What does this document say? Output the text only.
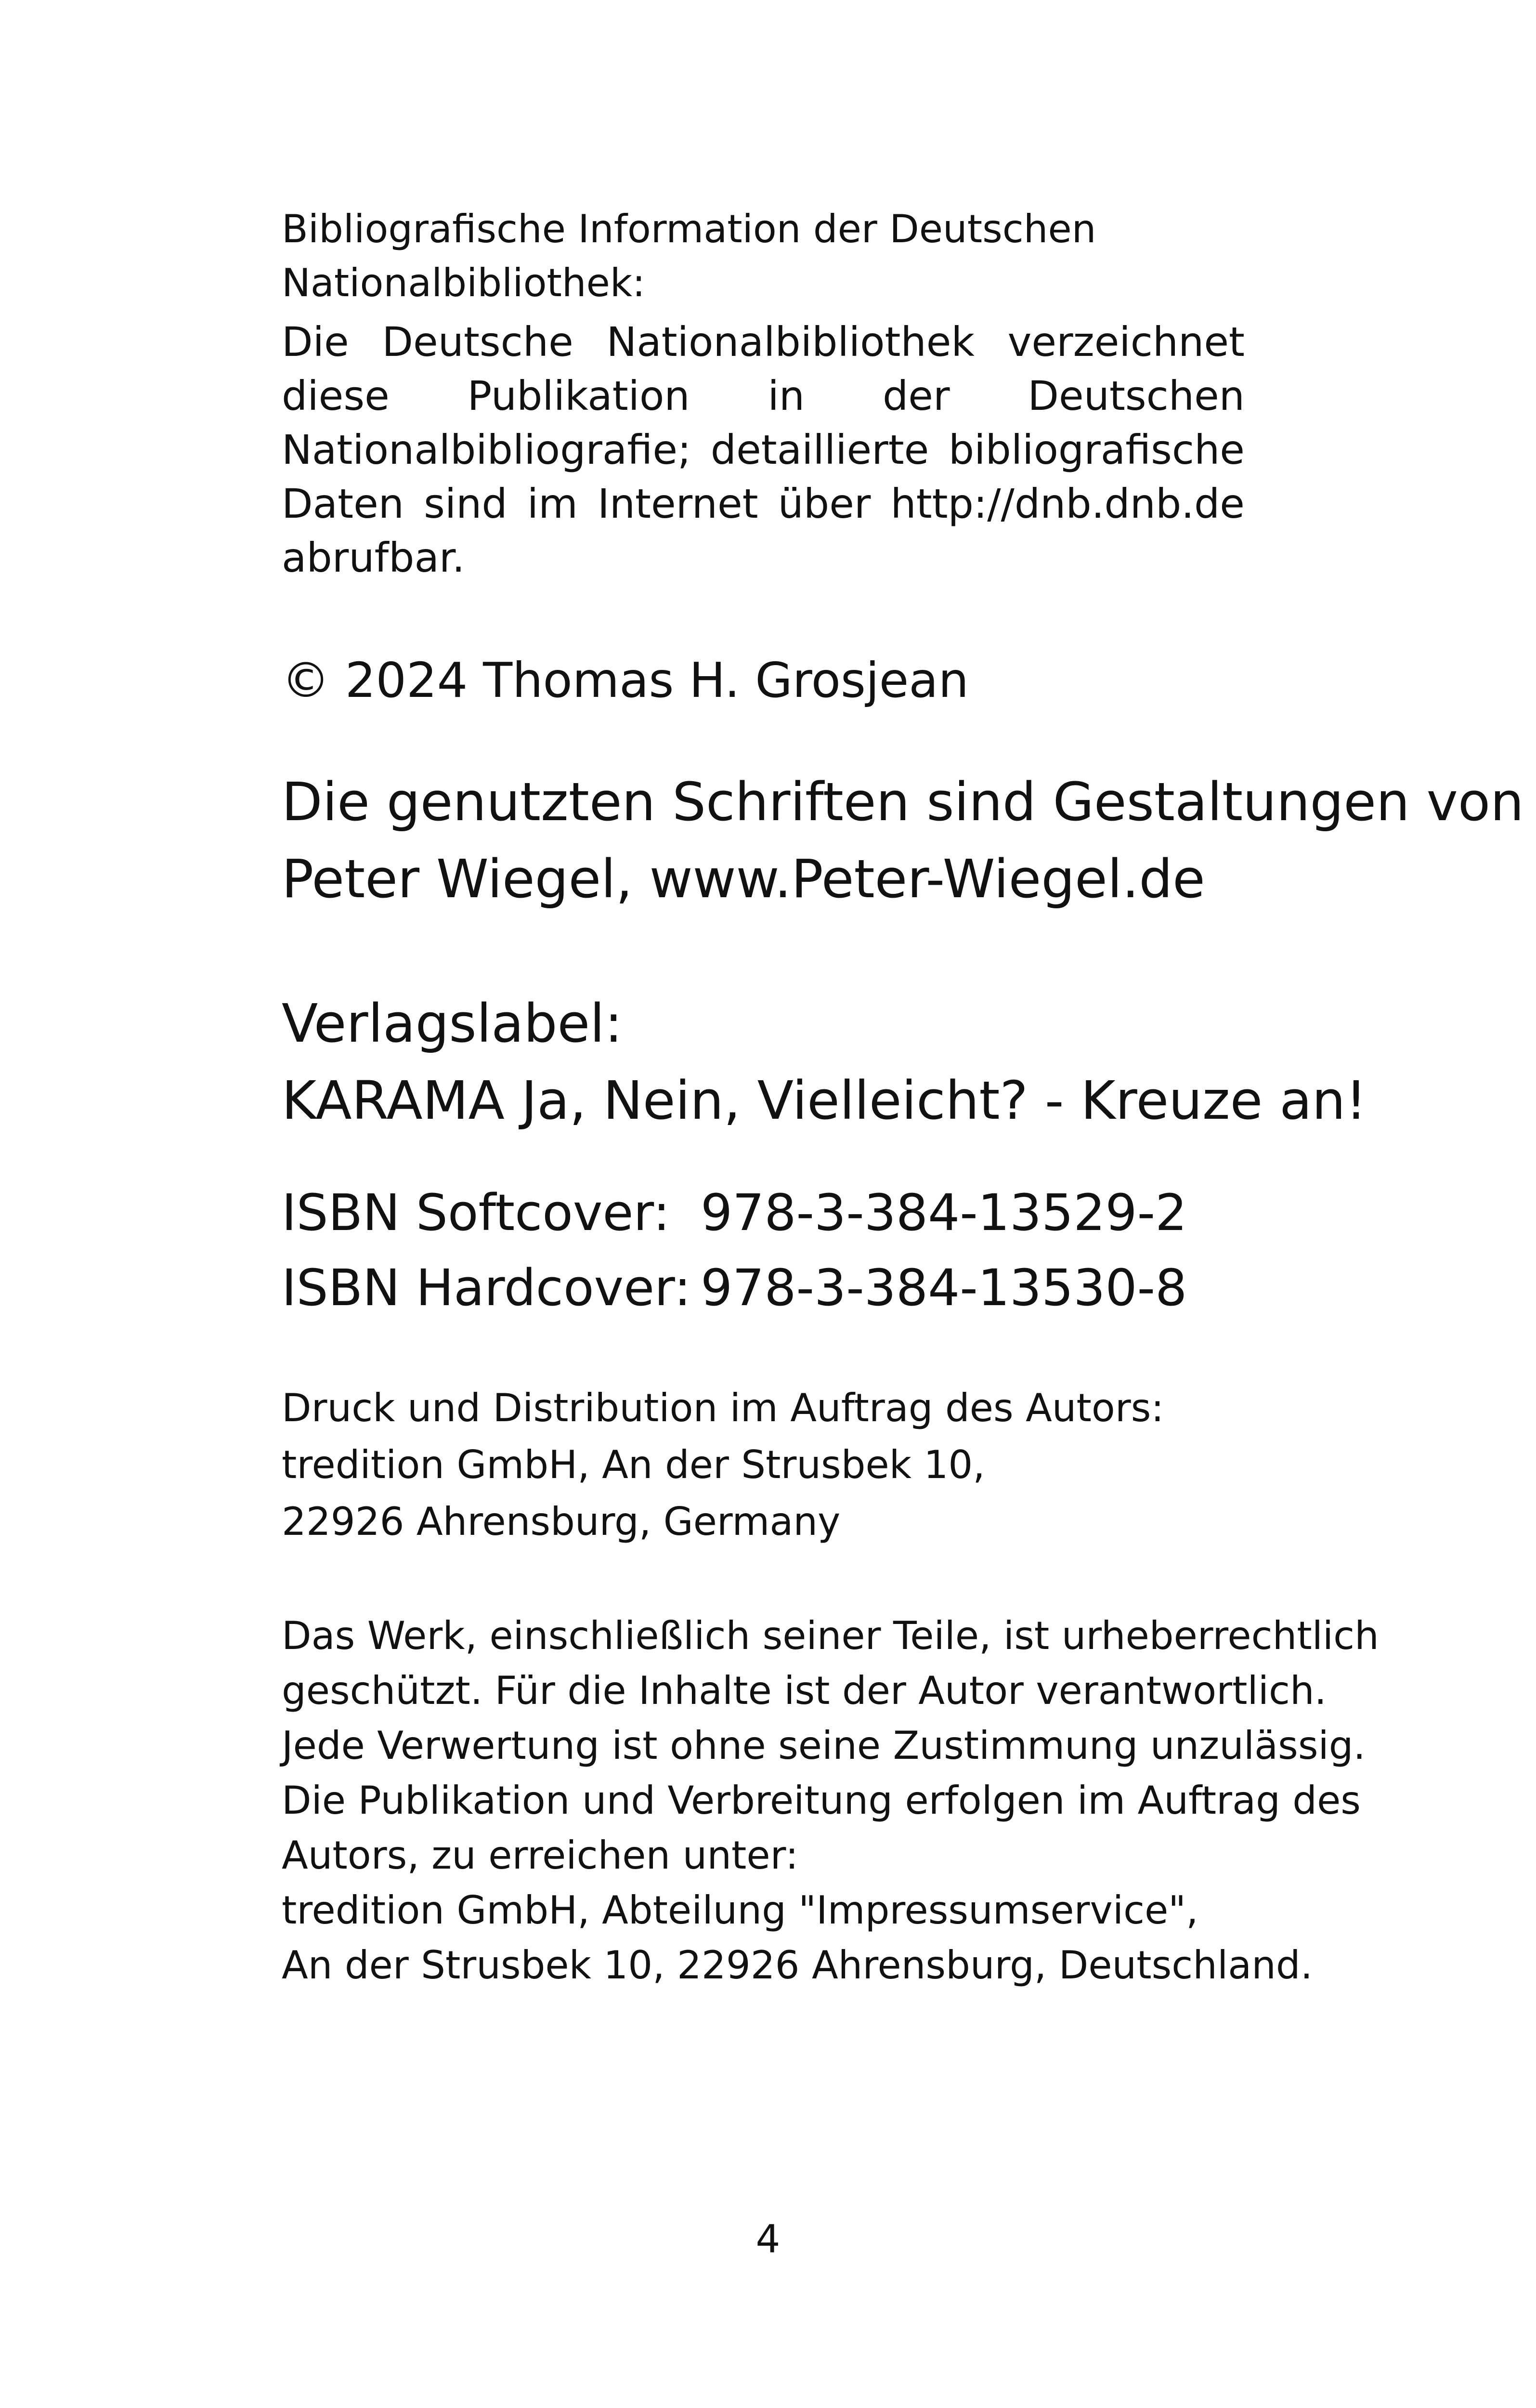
Bibliografische Information der Deutschen
Nationalbibliothek:

Die Deutsche Nationalbibliothek verzeichnet diese Publikation in der Deutschen Nationalbibliografie; detaillierte bibliografische Daten sind im Internet über http://dnb.dnb.de abrufbar.

© 2024 Thomas H. Grosjean
Die genutzten Schriften sind Gestaltungen von
Peter Wiegel, www.Peter-Wiegel.de
Verlagslabel:
KARAMA Ja, Nein, Vielleicht? - Kreuze an!
ISBN Softcover: 978-3-384-13529-2
ISBN Hardcover: 978-3-384-13530-8
Druck und Distribution im Auftrag des Autors:
tredition GmbH, An der Strusbek 10,
22926 Ahrensburg, Germany
Das Werk, einschließlich seiner Teile, ist urheberrechtlich
geschützt. Für die Inhalte ist der Autor verantwortlich.
Jede Verwertung ist ohne seine Zustimmung unzulässig.
Die Publikation und Verbreitung erfolgen im Auftrag des
Autors, zu erreichen unter:
tredition GmbH, Abteilung "Impressumservice",
An der Strusbek 10, 22926 Ahrensburg, Deutschland.
4
